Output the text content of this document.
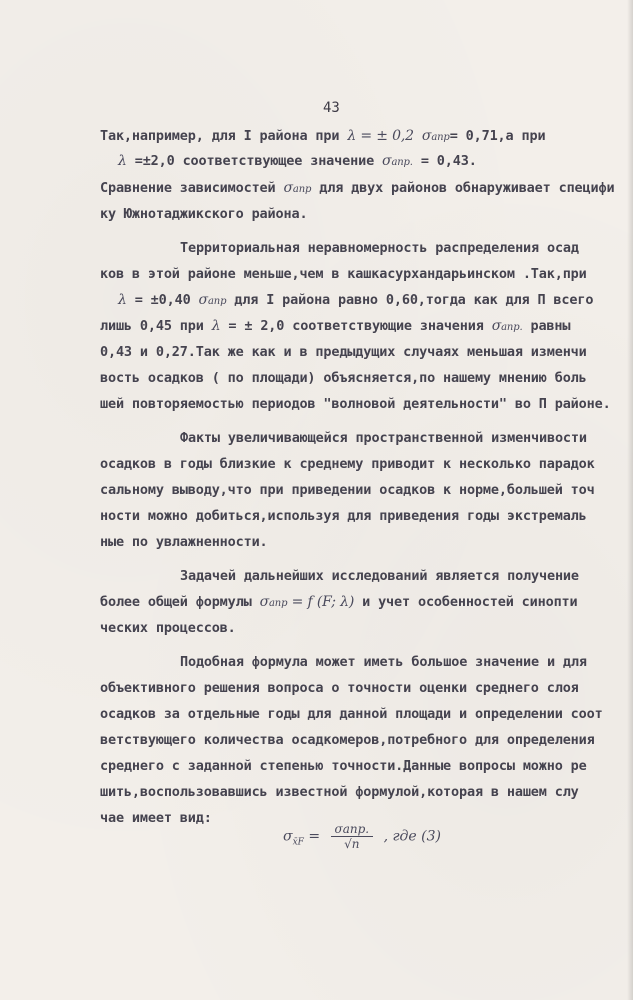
43
Так,например, для I района при λ = ± 0,2 σапр= 0,71,а при
λ =±2,0 соответствующее значение σапр. = 0,43.
Сравнение зависимостей σапр для двух районов обнаруживает специфи
ку Южнотаджикского района.
Территориальная неравномерность распределения осад
ков в этой районе меньше,чем в кашкасурхандарьинском .Так,при
λ = ±0,40 σапр для I района равно 0,60,тогда как для П всего
лишь 0,45 при λ = ± 2,0 соответствующие значения σапр. равны
0,43 и 0,27.Так же как и в предыдущих случаях меньшая изменчи
вость осадков ( по площади) объясняется,по нашему мнению боль
шей повторяемостью периодов "волновой деятельности" во П районе.
Факты увеличивающейся пространственной изменчивости
осадков в годы близкие к среднему приводит к несколько парадок
сальному выводу,что при приведении осадков к норме,большей точ
ности можно добиться,используя для приведения годы экстремаль
ные по увлажненности.
Задачей дальнейших исследований является получение
более общей формулы σапр = f (F; λ) и учет особенностей синопти
ческих процессов.
Подобная формула может иметь большое значение и для
объективного решения вопроса о точности оценки среднего слоя
осадков за отдельные годы для данной площади и определении соот
ветствующего количества осадкомеров,потребного для определения
среднего с заданной степенью точности.Данные вопросы можно ре
шить,воспользовавшись известной формулой,которая в нашем слу
чае имеет вид:
$\sigma_{x̄F} = \frac{\text{σапр.}}{√n}$ , где (3)
